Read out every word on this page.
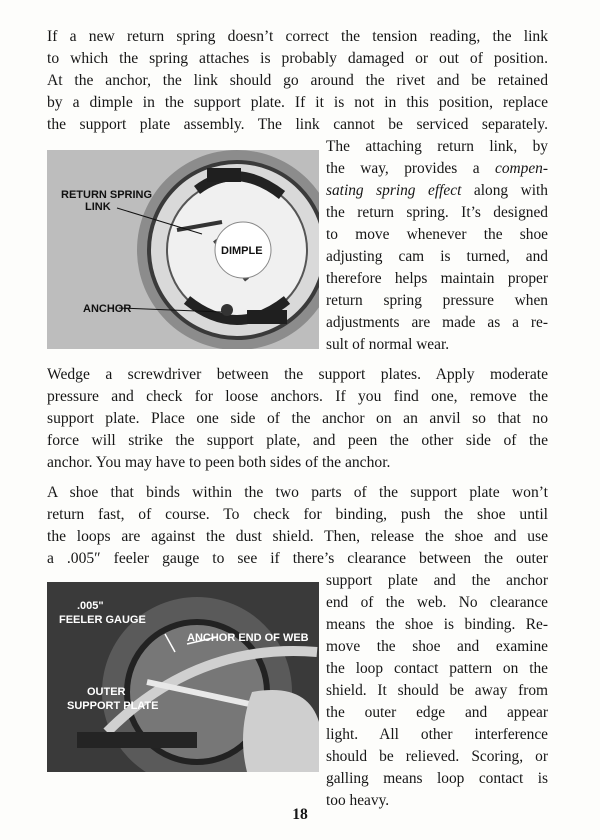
If a new return spring doesn’t correct the tension reading, the link
to which the spring attaches is probably damaged or out of position.
At the anchor, the link should go around the rivet and be retained
by a dimple in the support plate. If it is not in this position, replace
the support plate assembly. The link cannot be serviced separately.
RETURN SPRING
LINK
DIMPLE
ANCHOR
The attaching return link, by
the way, provides a compen-
sating spring effect along with
the return spring. It’s designed
to move whenever the shoe
adjusting cam is turned, and
therefore helps maintain proper
return spring pressure when
adjustments are made as a re-
sult of normal wear.
Wedge a screwdriver between the support plates. Apply moderate
pressure and check for loose anchors. If you find one, remove the
support plate. Place one side of the anchor on an anvil so that no
force will strike the support plate, and peen the other side of the
anchor. You may have to peen both sides of the anchor.
A shoe that binds within the two parts of the support plate won’t
return fast, of course. To check for binding, push the shoe until
the loops are against the dust shield. Then, release the shoe and use
a .005″ feeler gauge to see if there’s clearance between the outer
.005"
FEELER GAUGE
ANCHOR END OF WEB
OUTER
SUPPORT PLATE
support plate and the anchor
end of the web. No clearance
means the shoe is binding. Re-
move the shoe and examine
the loop contact pattern on the
shield. It should be away from
the outer edge and appear
light. All other interference
should be relieved. Scoring, or
galling means loop contact is
too heavy.
18
